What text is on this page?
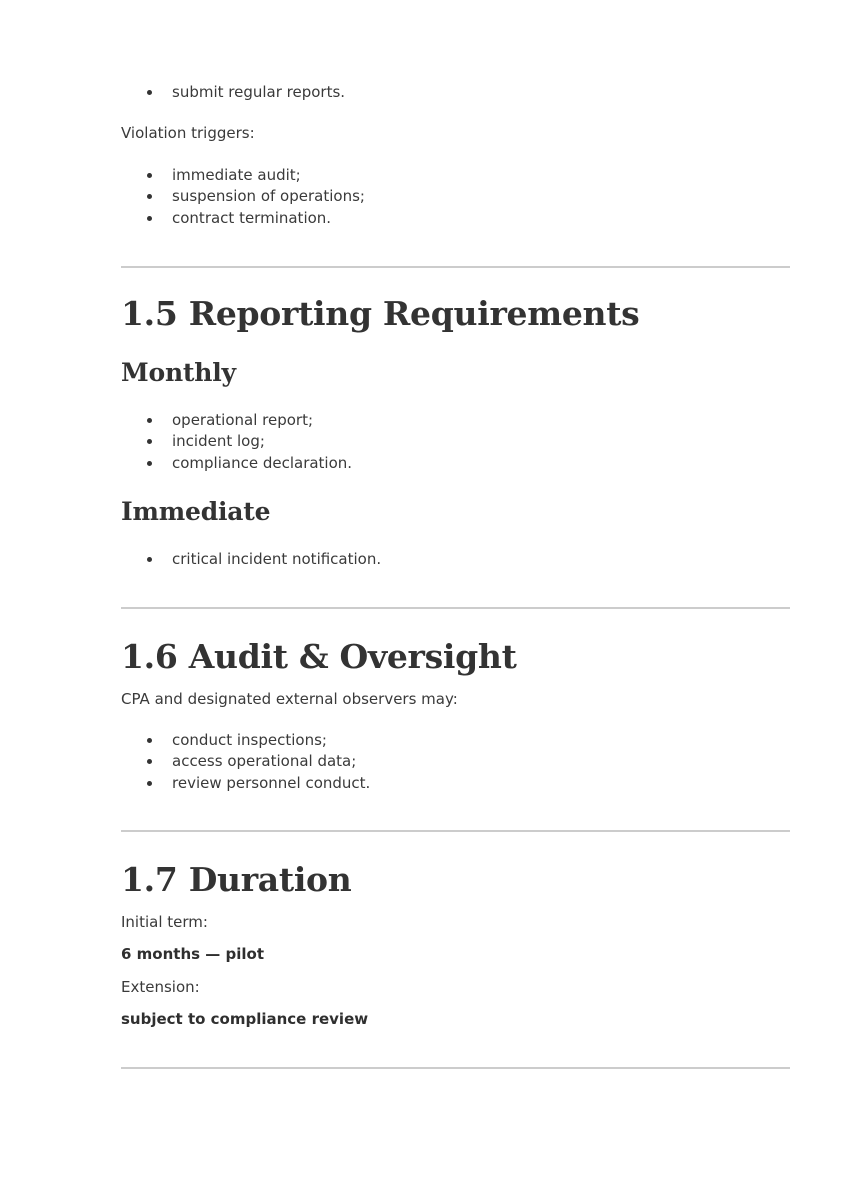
submit regular reports.
Violation triggers:
immediate audit;
suspension of operations;
contract termination.
1.5 Reporting Requirements
Monthly
operational report;
incident log;
compliance declaration.
Immediate
critical incident notification.
1.6 Audit & Oversight
CPA and designated external observers may:
conduct inspections;
access operational data;
review personnel conduct.
1.7 Duration
Initial term:
6 months — pilot
Extension:
subject to compliance review
